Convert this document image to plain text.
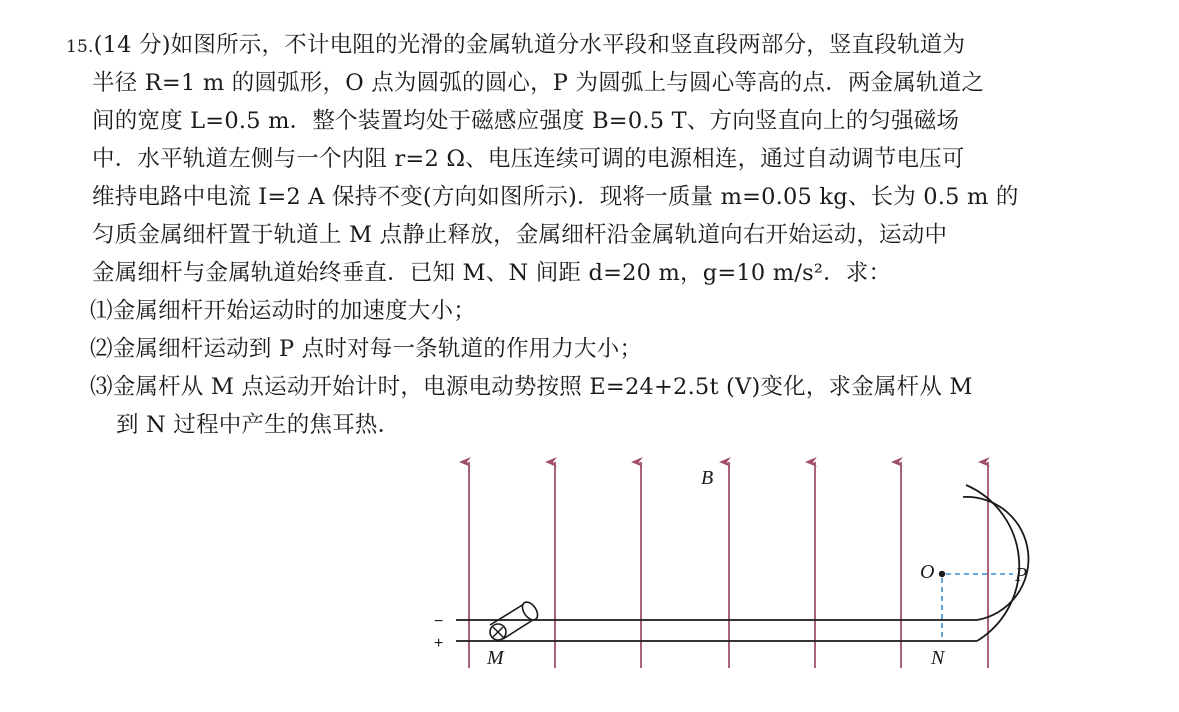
15.(14 分)如图所示，不计电阻的光滑的金属轨道分水平段和竖直段两部分，竖直段轨道为
半径 R=1 m 的圆弧形，O 点为圆弧的圆心，P 为圆弧上与圆心等高的点．两金属轨道之
间的宽度 L=0.5 m．整个装置均处于磁感应强度 B=0.5 T、方向竖直向上的匀强磁场
中．水平轨道左侧与一个内阻 r=2 Ω、电压连续可调的电源相连，通过自动调节电压可
维持电路中电流 I=2 A 保持不变(方向如图所示)．现将一质量 m=0.05 kg、长为 0.5 m 的
匀质金属细杆置于轨道上 M 点静止释放，金属细杆沿金属轨道向右开始运动，运动中
金属细杆与金属轨道始终垂直．已知 M、N 间距 d=20 m，g=10 m/s²．求：
⑴金属细杆开始运动时的加速度大小；
⑵金属细杆运动到 P 点时对每一条轨道的作用力大小；
⑶金属杆从 M 点运动开始计时，电源电动势按照 E=24+2.5t (V)变化，求金属杆从 M
到 N 过程中产生的焦耳热．
B
−
+
M
O	P
N
